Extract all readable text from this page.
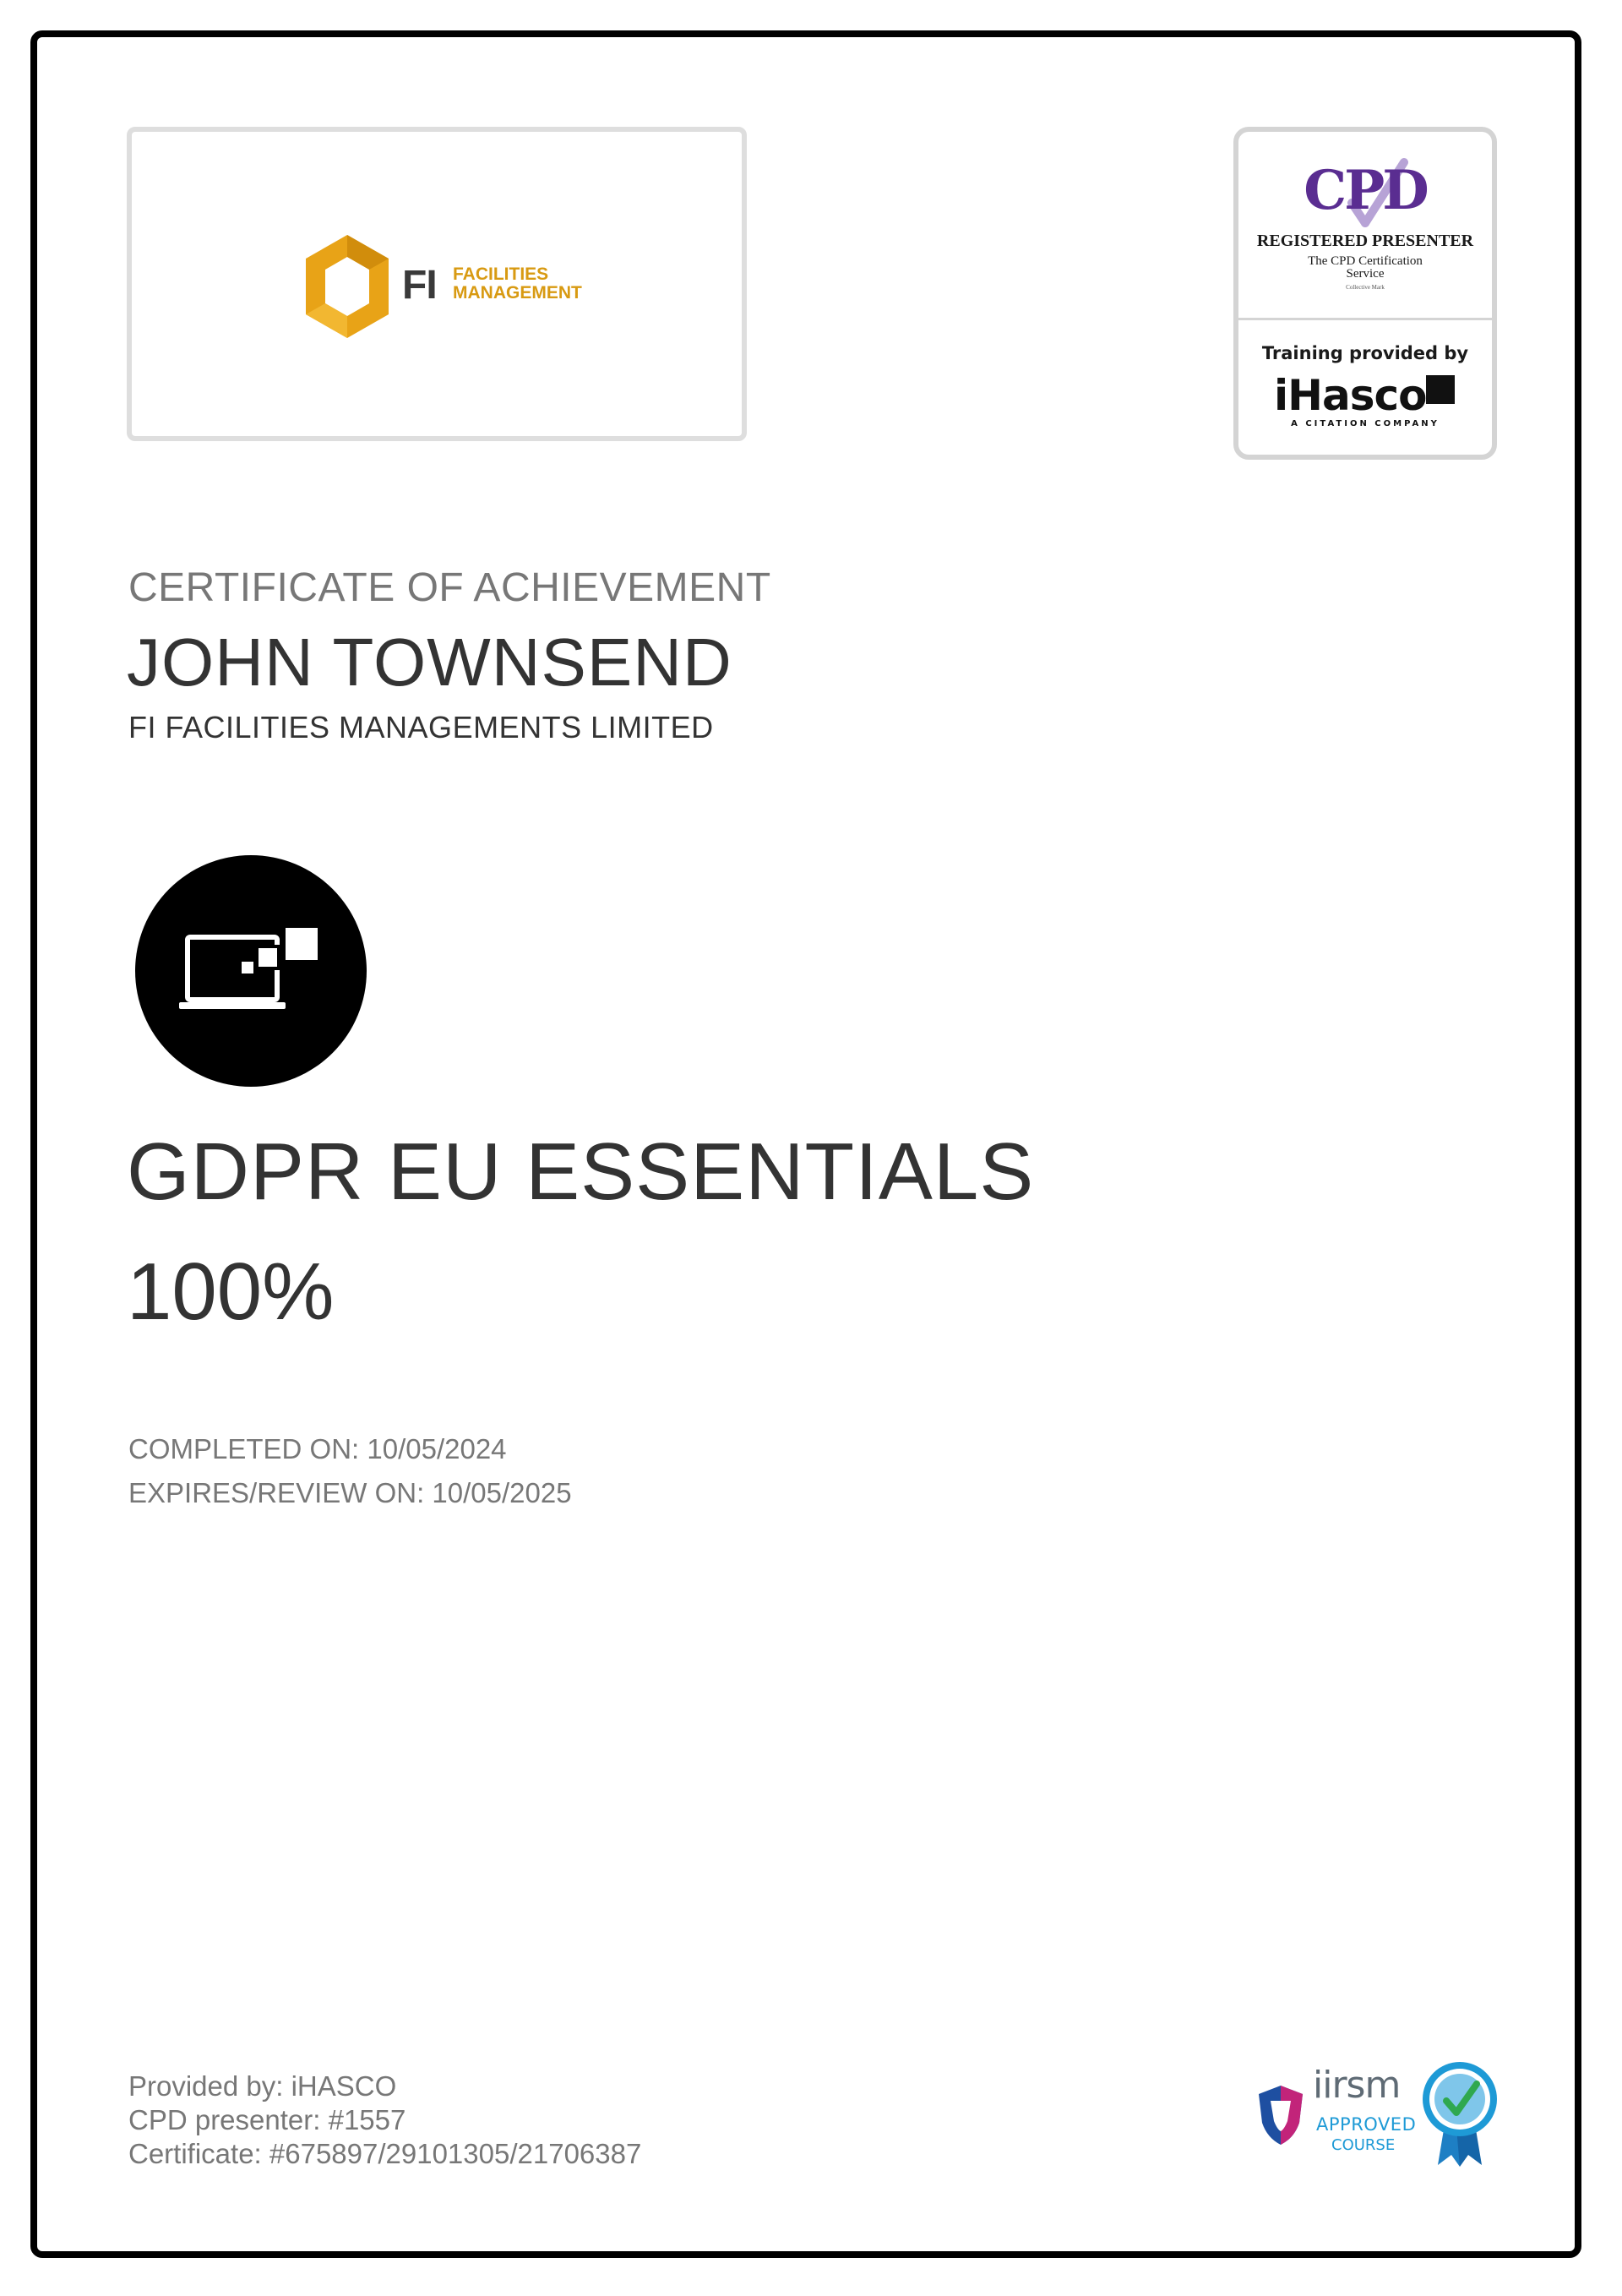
FI FACILITIES
MANAGEMENT
CPD
REGISTERED PRESENTER
The CPD Certification
Service
Collective Mark
Training provided by
iHasco
A CITATION COMPANY
CERTIFICATE OF ACHIEVEMENT
JOHN TOWNSEND
FI FACILITIES MANAGEMENTS LIMITED
GDPR EU ESSENTIALS
100%
COMPLETED ON: 10/05/2024
EXPIRES/REVIEW ON: 10/05/2025
Provided by: iHASCO
CPD presenter: #1557
Certificate: #675897/29101305/21706387
iirsm
APPROVED
COURSE
